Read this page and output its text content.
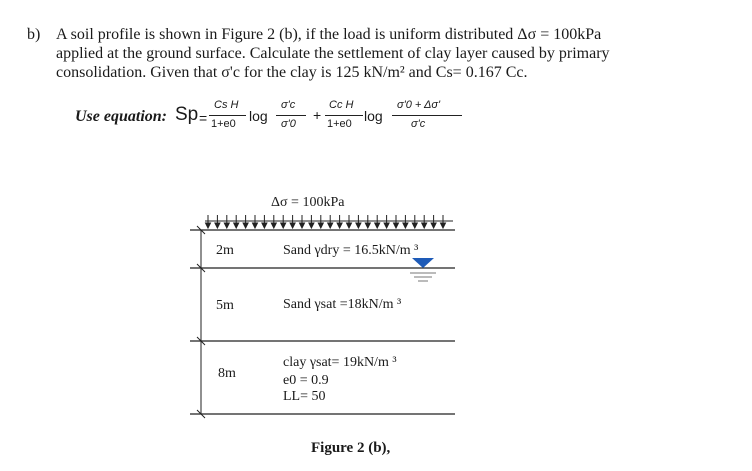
b) A soil profile is shown in Figure 2 (b), if the load is uniform distributed Δσ = 100kPa
applied at the ground surface. Calculate the settlement of clay layer caused by primary
consolidation. Given that σ'c for the clay is 125 kN/m² and Cs= 0.167 Cc.
Use equation: Sp =
Cs H
1+e0 log
σ'c
σ'0
+
Cc H
1+e0 log
σ'0 + Δσ'
σ'c
Δσ = 100kPa
2m	Sand γdry = 16.5kN/m ³
5m	Sand γsat =18kN/m ³
8m
clay γsat= 19kN/m ³
e0 = 0.9
LL= 50
Figure 2 (b),
